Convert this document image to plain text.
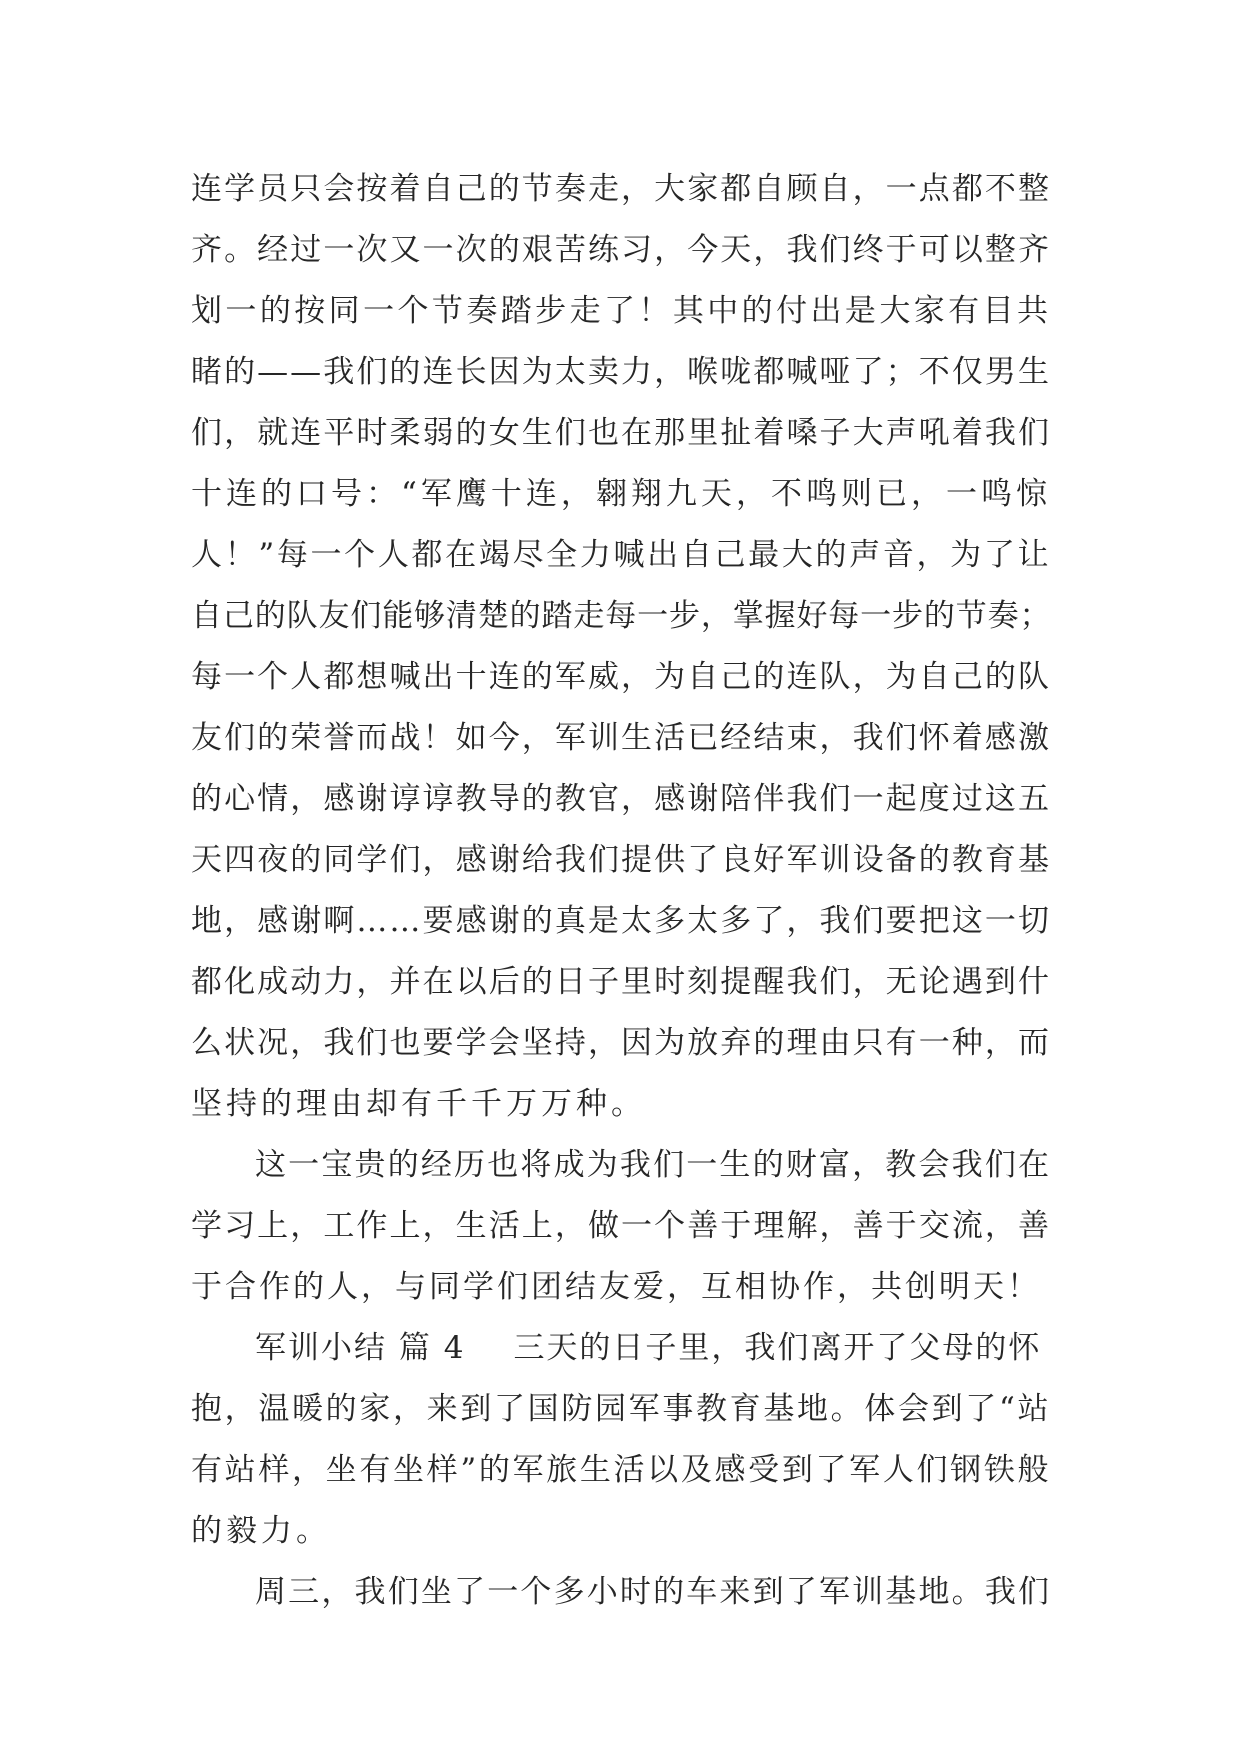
连学员只会按着自己的节奏走，大家都自顾自，一点都不整
齐。经过一次又一次的艰苦练习，今天，我们终于可以整齐
划一的按同一个节奏踏步走了！其中的付出是大家有目共
睹的——我们的连长因为太卖力，喉咙都喊哑了；不仅男生
们，就连平时柔弱的女生们也在那里扯着嗓子大声吼着我们
十连的口号：“军鹰十连，翱翔九天，不鸣则已，一鸣惊
人！”每一个人都在竭尽全力喊出自己最大的声音，为了让
自己的队友们能够清楚的踏走每一步，掌握好每一步的节奏；
每一个人都想喊出十连的军威，为自己的连队，为自己的队
友们的荣誉而战！如今，军训生活已经结束，我们怀着感激
的心情，感谢谆谆教导的教官，感谢陪伴我们一起度过这五
天四夜的同学们，感谢给我们提供了良好军训设备的教育基
地，感谢啊……要感谢的真是太多太多了，我们要把这一切
都化成动力，并在以后的日子里时刻提醒我们，无论遇到什
么状况，我们也要学会坚持，因为放弃的理由只有一种，而
坚持的理由却有千千万万种。
这一宝贵的经历也将成为我们一生的财富，教会我们在
学习上，工作上，生活上，做一个善于理解，善于交流，善
于合作的人，与同学们团结友爱，互相协作，共创明天！
军训小结 篇 4 三天的日子里，我们离开了父母的怀
抱，温暖的家，来到了国防园军事教育基地。体会到了“站
有站样，坐有坐样”的军旅生活以及感受到了军人们钢铁般
的毅力。
周三，我们坐了一个多小时的车来到了军训基地。我们
